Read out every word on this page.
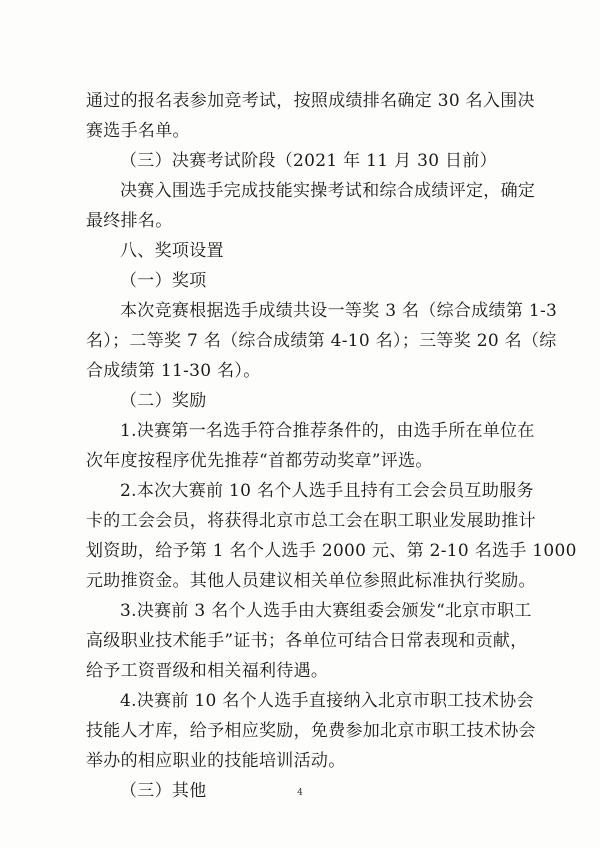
通过的报名表参加竞考试，按照成绩排名确定 30 名入围决
赛选手名单。
（三）决赛考试阶段（2021 年 11 月 30 日前）
决赛入围选手完成技能实操考试和综合成绩评定，确定
最终排名。
八、奖项设置
（一）奖项
本次竞赛根据选手成绩共设一等奖 3 名（综合成绩第 1-3
名）；二等奖 7 名（综合成绩第 4-10 名）；三等奖 20 名（综
合成绩第 11-30 名）。
（二）奖励
1.决赛第一名选手符合推荐条件的，由选手所在单位在
次年度按程序优先推荐“首都劳动奖章”评选。
2.本次大赛前 10 名个人选手且持有工会会员互助服务
卡的工会会员，将获得北京市总工会在职工职业发展助推计
划资助，给予第 1 名个人选手 2000 元、第 2-10 名选手 1000
元助推资金。其他人员建议相关单位参照此标准执行奖励。
3.决赛前 3 名个人选手由大赛组委会颁发“北京市职工
高级职业技术能手”证书；各单位可结合日常表现和贡献，
给予工资晋级和相关福利待遇。
4.决赛前 10 名个人选手直接纳入北京市职工技术协会
技能人才库，给予相应奖励，免费参加北京市职工技术协会
举办的相应职业的技能培训活动。
（三）其他	4
